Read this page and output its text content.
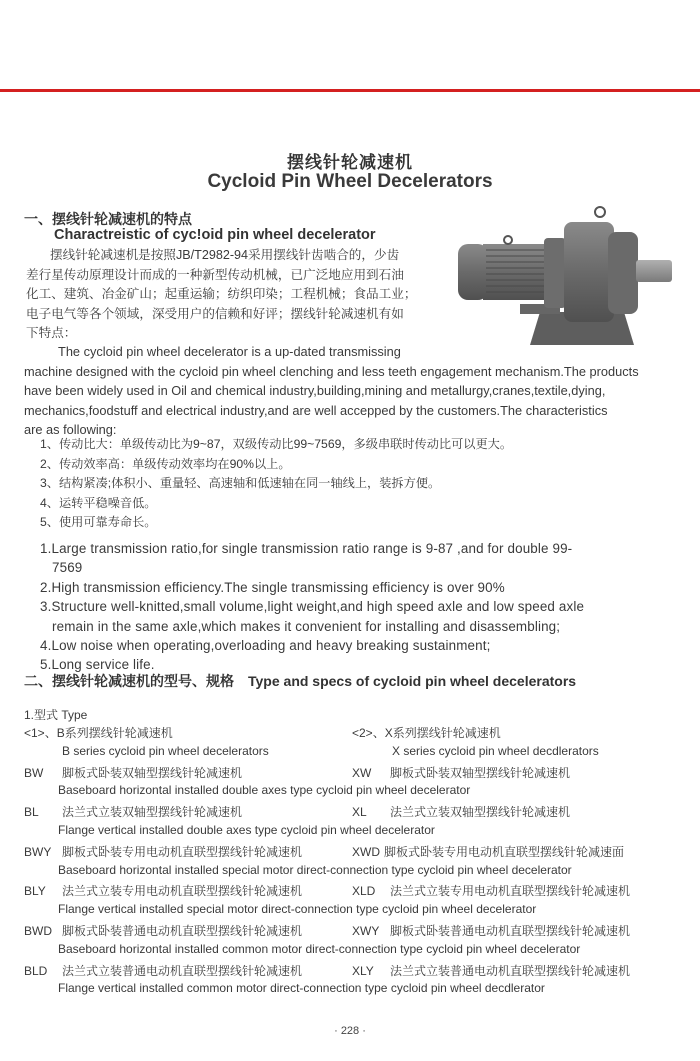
摆线针轮减速机
Cycloid Pin Wheel Decelerators
一、摆线针轮减速机的特点
Charactreistic of cyc!oid pin wheel decelerator
摆线针轮减速机是按照JB/T2982-94采用摆线针齿啮合的，少齿
差行星传动原理设计而成的一种新型传动机械，已广泛地应用到石油
化工、建筑、冶金矿山；起重运输；纺织印染；工程机械；食品工业；
电子电气等各个领域，深受用户的信赖和好评；摆线针轮减速机有如
下特点：
The cycloid pin wheel decelerator is a up-dated transmissing
machine designed with the cycloid pin wheel clenching and less teeth engagement mechanism.The products
have been widely used in Oil and chemical industry,building,mining and metallurgy,cranes,textile,dying,
mechanics,foodstuff and electrical industry,and are well accepped by the customers.The characteristics
are as following:
1、传动比大：单级传动比为9~87，双级传动比99~7569，多级串联时传动比可以更大。
2、传动效率高：单级传动效率均在90%以上。
3、结构紧凑;体积小、重量轻、高速轴和低速轴在同一轴线上，装拆方便。
4、运转平稳噪音低。
5、使用可靠寿命长。
1.Large transmission ratio,for single transmission ratio range is 9-87 ,and for double 99-
7569
2.High transmission efficiency.The single transmissing efficiency is over 90%
3.Structure well-knitted,small volume,light weight,and high speed axle and low speed axle
remain in the same axle,which makes it convenient for installing and disassembling;
4.Low noise when operating,overloading and heavy breaking sustainment;
5.Long service life.
二、摆线针轮减速机的型号、规格 Type and specs of cycloid pin wheel decelerators
1.型式 Type
<1>、B系列摆线针轮减速机	<2>、X系列摆线针轮减速机
B series cycloid pin wheel decelerators	X series cycloid pin wheel decdlerators
BW 脚板式卧装双轴型摆线针轮减速机	XW 脚板式卧装双轴型摆线针轮减速机
Baseboard horizontal installed double axes type cycloid pin wheel decelerator
BL 法兰式立装双轴型摆线针轮减速机	XL 法兰式立装双轴型摆线针轮减速机
Flange vertical installed double axes type cycloid pin wheel decelerator
BWY 脚板式卧装专用电动机直联型摆线针轮减速机	XWD 脚板式卧装专用电动机直联型摆线针轮减速面
Baseboard horizontal installed special motor direct-connection type cycloid pin wheel decelerator
BLY 法兰式立装专用电动机直联型摆线针轮减速机	XLD 法兰式立装专用电动机直联型摆线针轮减速机
Flange vertical installed special motor direct-connection type cycloid pin wheel decelerator
BWD 脚板式卧装普通电动机直联型摆线针轮减速机	XWY 脚板式卧装普通电动机直联型摆线针轮减速机
Baseboard horizontal installed common motor direct-connection type cycloid pin wheel decelerator
BLD 法兰式立装普通电动机直联型摆线针轮减速机	XLY 法兰式立装普通电动机直联型摆线针轮减速机
Flange vertical installed common motor direct-connection type cycloid pin wheel decdlerator
· 228 ·
